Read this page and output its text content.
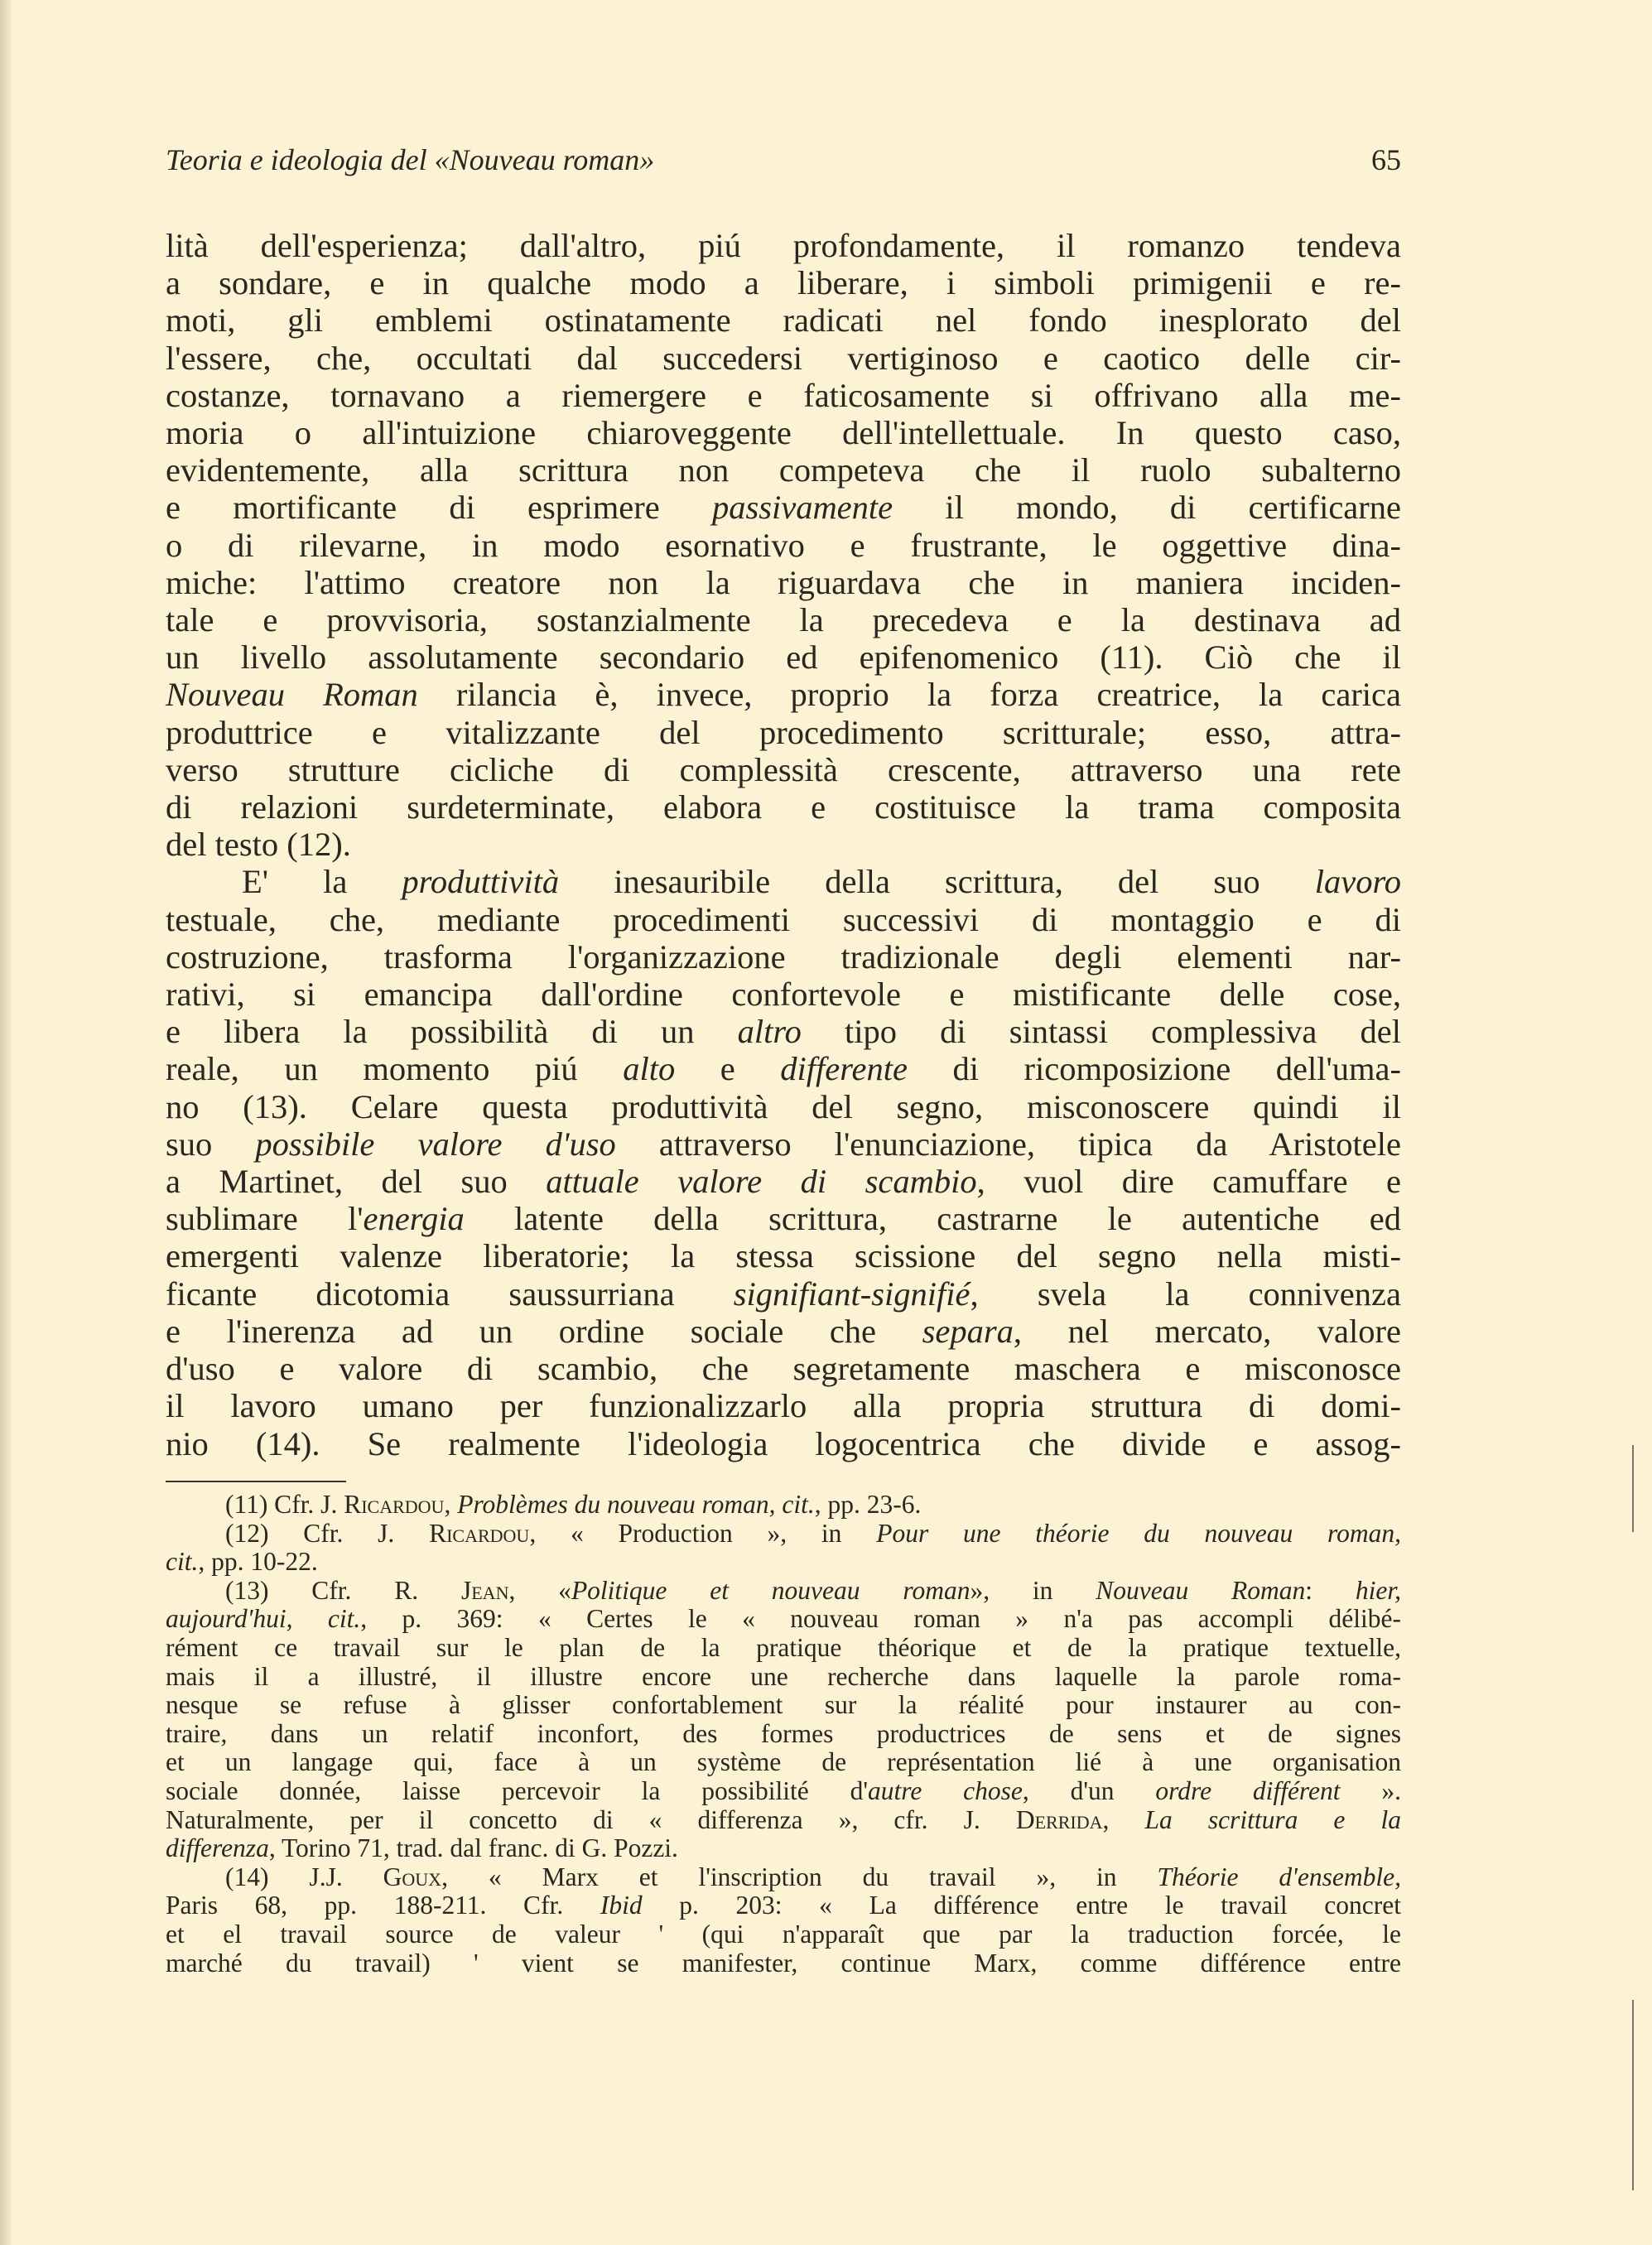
Teoria e ideologia del «Nouveau roman»	65
lità dell'esperienza; dall'altro, piú profondamente, il romanzo tendeva
a sondare, e in qualche modo a liberare, i simboli primigenii e re-
moti, gli emblemi ostinatamente radicati nel fondo inesplorato del
l'essere, che, occultati dal succedersi vertiginoso e caotico delle cir-
costanze, tornavano a riemergere e faticosamente si offrivano alla me-
moria o all'intuizione chiaroveggente dell'intellettuale. In questo caso,
evidentemente, alla scrittura non competeva che il ruolo subalterno
e mortificante di esprimere passivamente il mondo, di certificarne
o di rilevarne, in modo esornativo e frustrante, le oggettive dina-
miche: l'attimo creatore non la riguardava che in maniera inciden-
tale e provvisoria, sostanzialmente la precedeva e la destinava ad
un livello assolutamente secondario ed epifenomenico (11). Ciò che il
Nouveau Roman rilancia è, invece, proprio la forza creatrice, la carica
produttrice e vitalizzante del procedimento scritturale; esso, attra-
verso strutture cicliche di complessità crescente, attraverso una rete
di relazioni surdeterminate, elabora e costituisce la trama composita
del testo (12).
E' la produttività inesauribile della scrittura, del suo lavoro
testuale, che, mediante procedimenti successivi di montaggio e di
costruzione, trasforma l'organizzazione tradizionale degli elementi nar-
rativi, si emancipa dall'ordine confortevole e mistificante delle cose,
e libera la possibilità di un altro tipo di sintassi complessiva del
reale, un momento piú alto e differente di ricomposizione dell'uma-
no (13). Celare questa produttività del segno, misconoscere quindi il
suo possibile valore d'uso attraverso l'enunciazione, tipica da Aristotele
a Martinet, del suo attuale valore di scambio, vuol dire camuffare e
sublimare l'energia latente della scrittura, castrarne le autentiche ed
emergenti valenze liberatorie; la stessa scissione del segno nella misti-
ficante dicotomia saussurriana signifiant-signifié, svela la connivenza
e l'inerenza ad un ordine sociale che separa, nel mercato, valore
d'uso e valore di scambio, che segretamente maschera e misconosce
il lavoro umano per funzionalizzarlo alla propria struttura di domi-
nio (14). Se realmente l'ideologia logocentrica che divide e assog-
(11) Cfr. J. Ricardou, Problèmes du nouveau roman, cit., pp. 23-6.
(12) Cfr. J. Ricardou, « Production », in Pour une théorie du nouveau roman,
cit., pp. 10-22.
(13) Cfr. R. Jean, «Politique et nouveau roman», in Nouveau Roman: hier,
aujourd'hui, cit., p. 369: « Certes le « nouveau roman » n'a pas accompli délibé-
rément ce travail sur le plan de la pratique théorique et de la pratique textuelle,
mais il a illustré, il illustre encore une recherche dans laquelle la parole roma-
nesque se refuse à glisser confortablement sur la réalité pour instaurer au con-
traire, dans un relatif inconfort, des formes productrices de sens et de signes
et un langage qui, face à un système de représentation lié à une organisation
sociale donnée, laisse percevoir la possibilité d'autre chose, d'un ordre différent ».
Naturalmente, per il concetto di « differenza », cfr. J. Derrida, La scrittura e la
differenza, Torino 71, trad. dal franc. di G. Pozzi.
(14) J.J. Goux, « Marx et l'inscription du travail », in Théorie d'ensemble,
Paris 68, pp. 188-211. Cfr. Ibid p. 203: « La différence entre le travail concret
et el travail source de valeur ' (qui n'apparaît que par la traduction forcée, le
marché du travail) ' vient se manifester, continue Marx, comme différence entre
